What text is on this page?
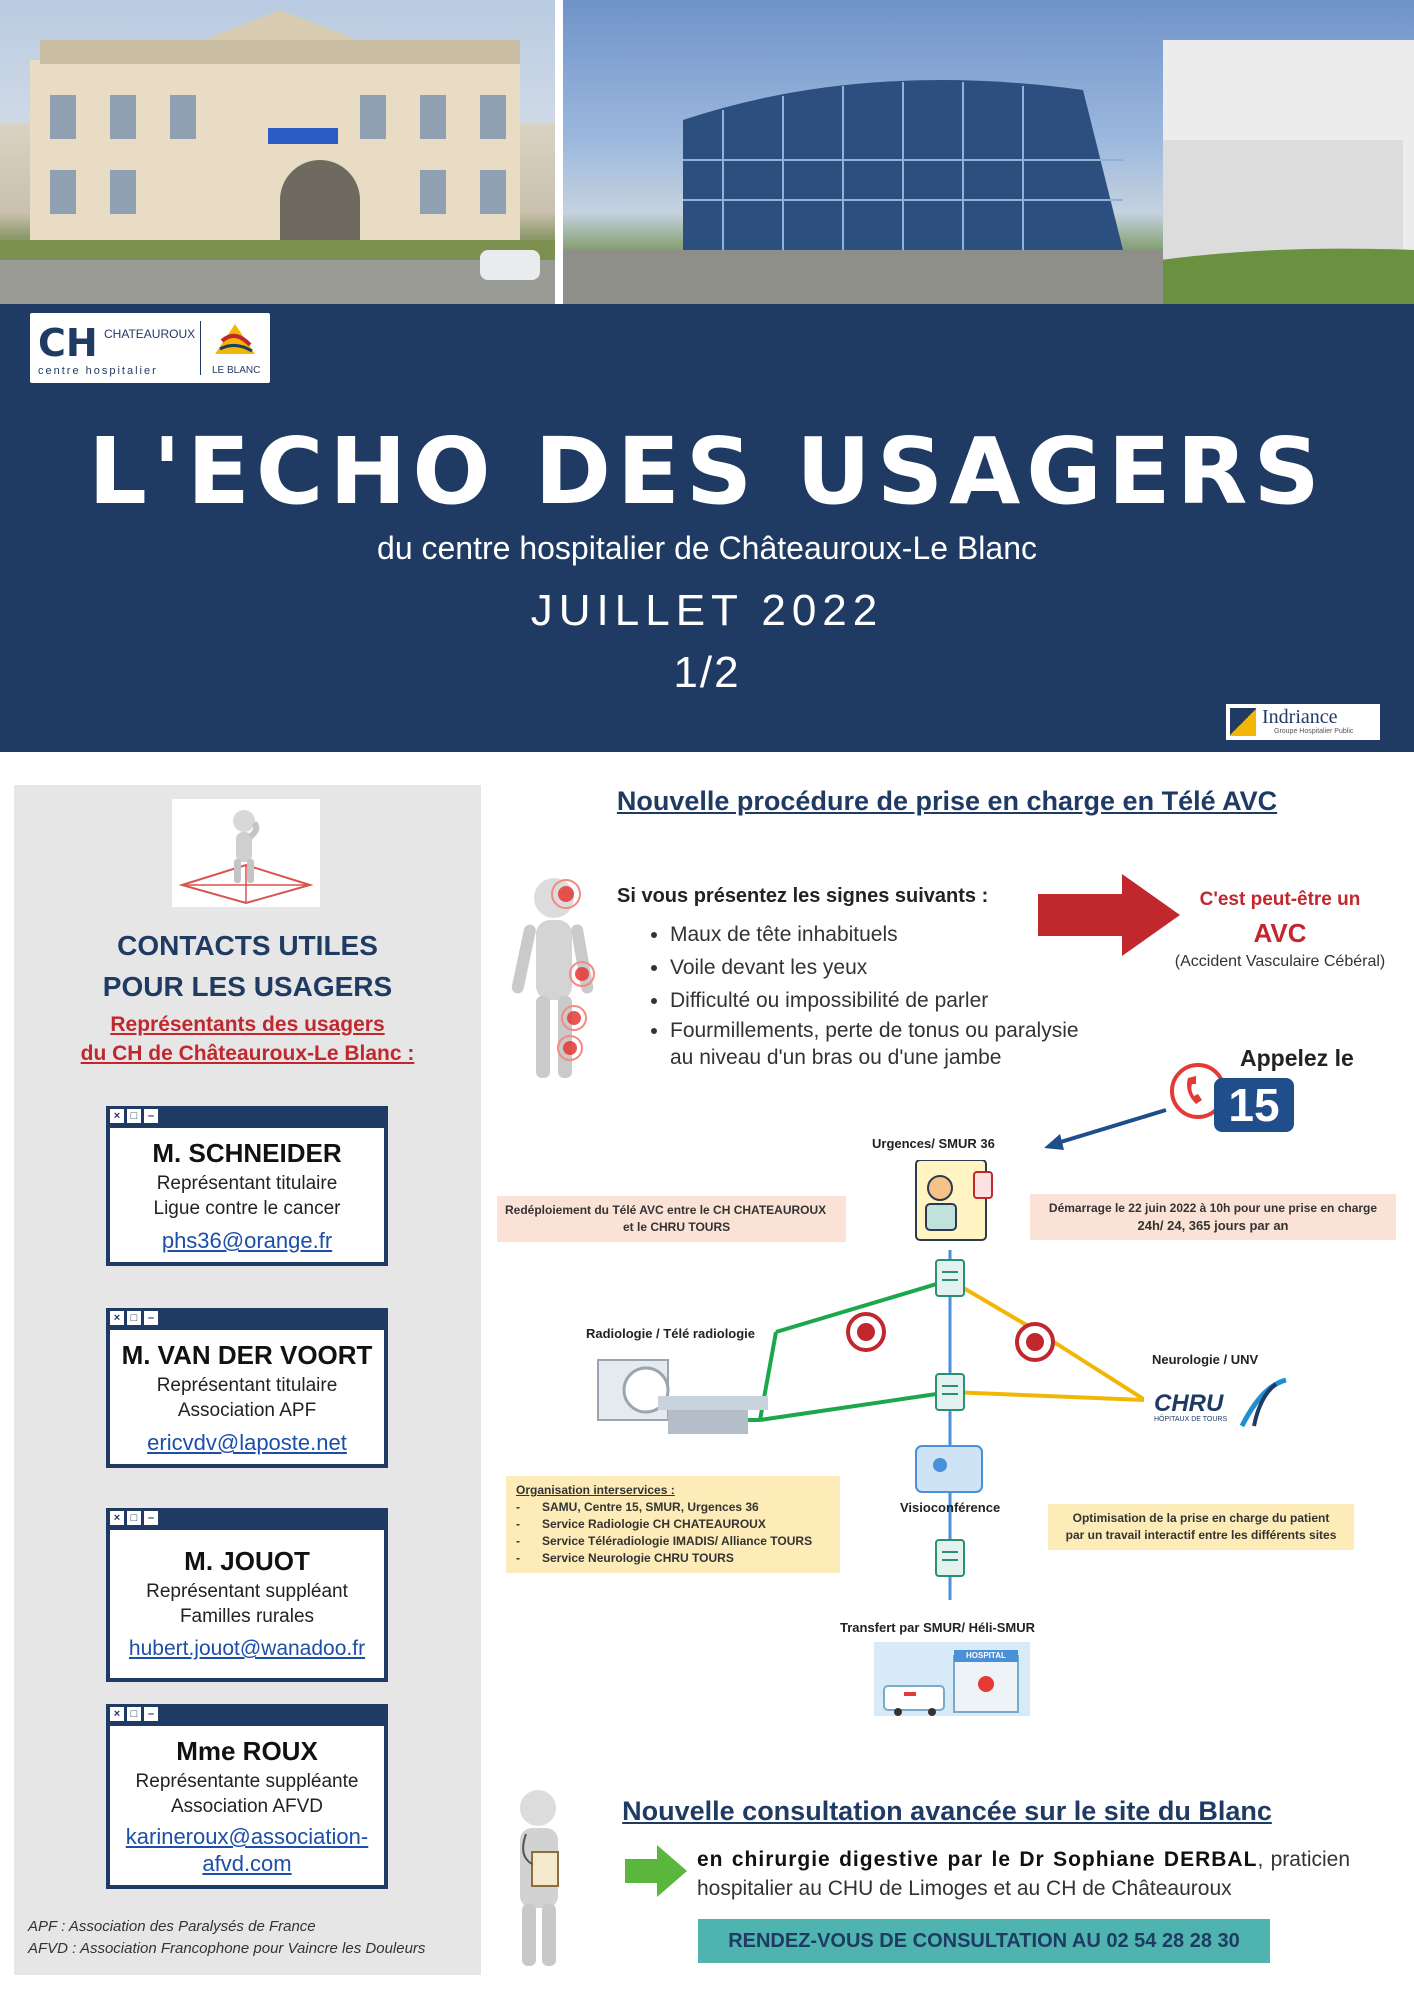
CH CHATEAUROUX
centre hospitalier	LE BLANC
L'ECHO DES USAGERS
du centre hospitalier de Châteauroux-Le Blanc
JUILLET 2022
1/2
Indriance
Groupe Hospitalier Public
CONTACTS UTILES
POUR LES USAGERS
Représentants des usagers
du CH de Châteauroux-Le Blanc :
× □ –
M. SCHNEIDER
Représentant titulaire
Ligue contre le cancer
phs36@orange.fr
× □ –
M. VAN DER VOORT
Représentant titulaire
Association APF
ericvdv@laposte.net
× □ –
M. JOUOT
Représentant suppléant
Familles rurales
hubert.jouot@wanadoo.fr
× □ –
Mme ROUX
Représentante suppléante
Association AFVD
karineroux@association-
afvd.com
APF : Association des Paralysés de France
AFVD : Association Francophone pour Vaincre les Douleurs
Nouvelle procédure de prise en charge en Télé AVC
Si vous présentez les signes suivants :
• Maux de tête inhabituels
• Voile devant les yeux
• Difficulté ou impossibilité de parler
• Fourmillements, perte de tonus ou paralysie
au niveau d'un bras ou d'une jambe
C'est peut-être un
AVC
(Accident Vasculaire Cébéral)
Appelez le
15
Urgences/ SMUR 36
Redéploiement du Télé AVC entre le CH CHATEAUROUX
et le CHRU TOURS
Démarrage le 22 juin 2022 à 10h pour une prise en charge
24h/ 24, 365 jours par an
Radiologie / Télé radiologie
Neurologie / UNV
CHRU
HÔPITAUX DE TOURS
Organisation interservices :
- SAMU, Centre 15, SMUR, Urgences 36
- Service Radiologie CH CHATEAUROUX
- Service Téléradiologie IMADIS/ Alliance TOURS
- Service Neurologie CHRU TOURS
Visioconférence
Optimisation de la prise en charge du patient
par un travail interactif entre les différents sites
Transfert par SMUR/ Héli-SMUR
HOSPITAL
Nouvelle consultation avancée sur le site du Blanc
en chirurgie digestive par le Dr Sophiane DERBAL, praticien hospitalier au CHU de Limoges et au CH de Châteauroux
RENDEZ-VOUS DE CONSULTATION AU 02 54 28 28 30
